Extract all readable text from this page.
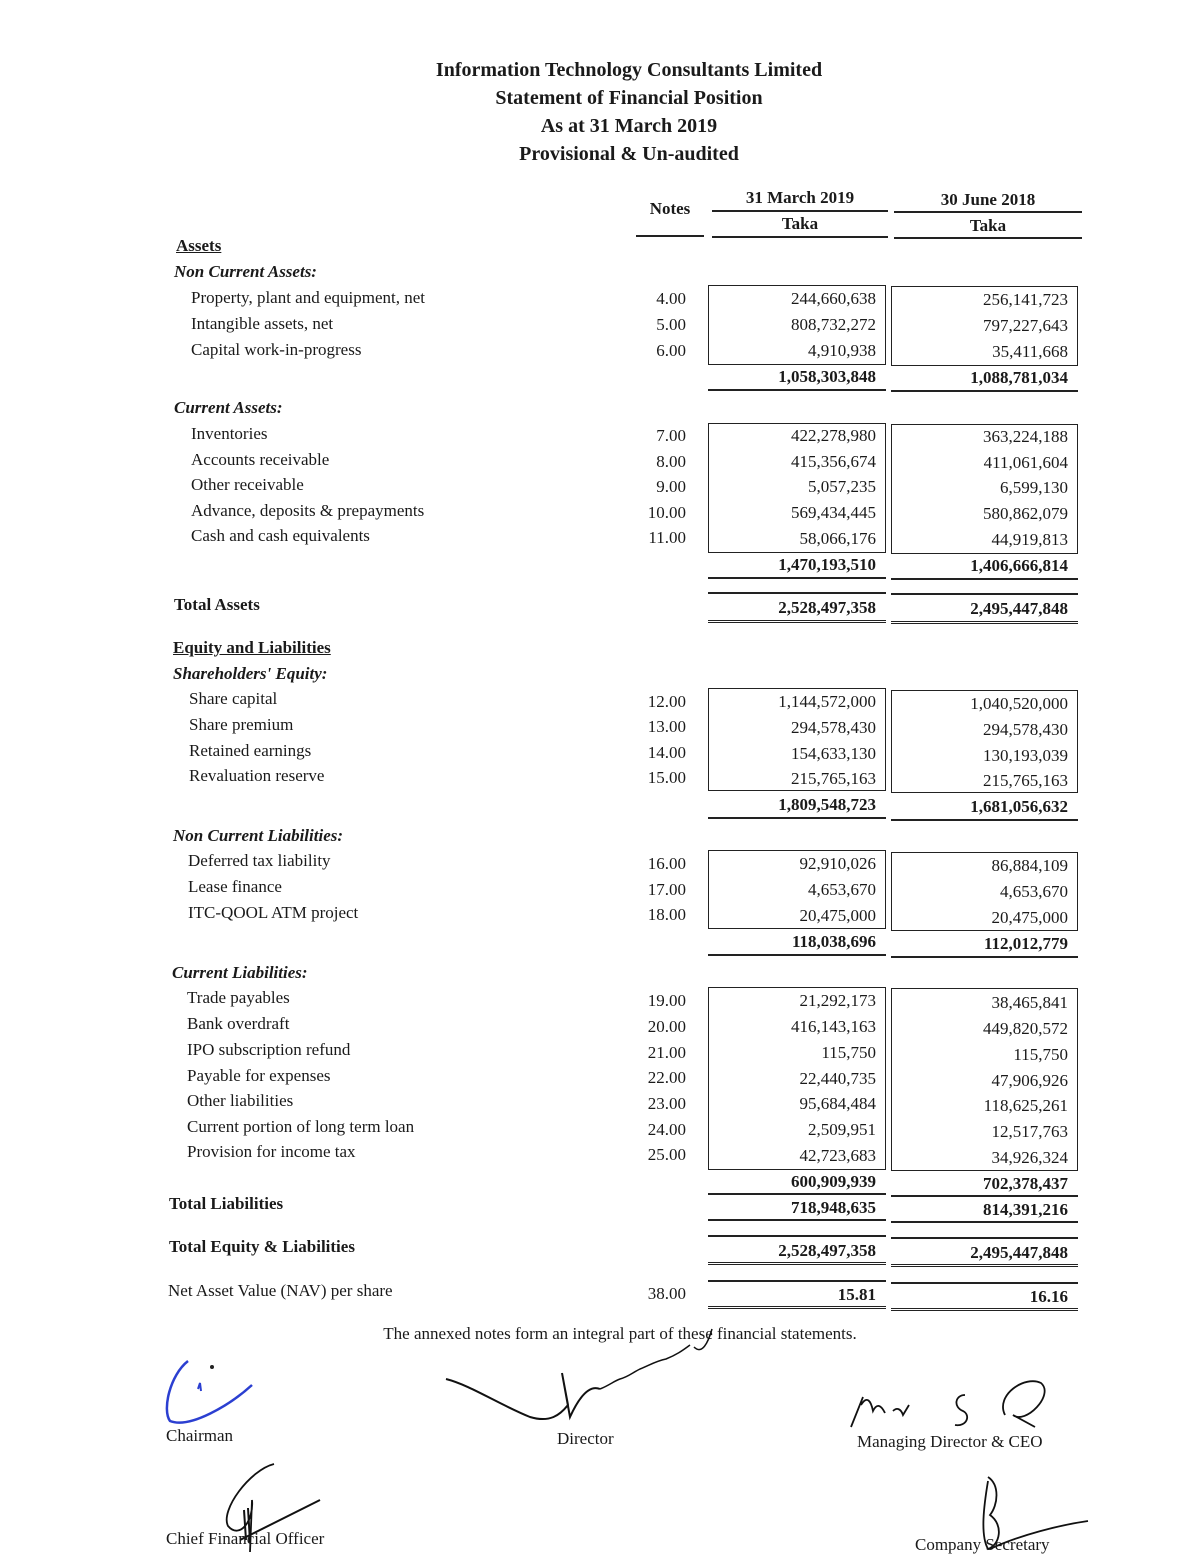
Information Technology Consultants Limited
Statement of Financial Position
As at 31 March 2019
Provisional & Un-audited
Notes
31 March 2019	30 June 2018
Taka	Taka
Assets
Non Current Assets:
Property, plant and equipment, net	4.00	244,660,638	256,141,723
Intangible assets, net	5.00	808,732,272	797,227,643
Capital work-in-progress	6.00	4,910,938	35,411,668
1,058,303,848	1,088,781,034
Current Assets:
Inventories	7.00	422,278,980	363,224,188
Accounts receivable	8.00	415,356,674	411,061,604
Other receivable	9.00	5,057,235	6,599,130
Advance, deposits & prepayments	10.00	569,434,445	580,862,079
Cash and cash equivalents	11.00	58,066,176	44,919,813
1,470,193,510	1,406,666,814
Total Assets	2,528,497,358	2,495,447,848
Equity and Liabilities
Shareholders' Equity:
Share capital	12.00	1,144,572,000	1,040,520,000
Share premium	13.00	294,578,430	294,578,430
Retained earnings	14.00	154,633,130	130,193,039
Revaluation reserve	15.00	215,765,163	215,765,163
1,809,548,723	1,681,056,632
Non Current Liabilities:
Deferred tax liability	16.00	92,910,026	86,884,109
Lease finance	17.00	4,653,670	4,653,670
ITC-QOOL ATM project	18.00	20,475,000	20,475,000
118,038,696	112,012,779
Current Liabilities:
Trade payables	19.00	21,292,173	38,465,841
Bank overdraft	20.00	416,143,163	449,820,572
IPO subscription refund	21.00	115,750	115,750
Payable for expenses	22.00	22,440,735	47,906,926
Other liabilities	23.00	95,684,484	118,625,261
Current portion of long term loan	24.00	2,509,951	12,517,763
Provision for income tax	25.00	42,723,683	34,926,324
600,909,939	702,378,437
Total Liabilities	718,948,635	814,391,216
Total Equity & Liabilities	2,528,497,358	2,495,447,848
Net Asset Value (NAV) per share	38.00	15.81	16.16
The annexed notes form an integral part of these financial statements.
Chairman	Director	Managing Director & CEO
Chief Financial Officer	Company Secretary
